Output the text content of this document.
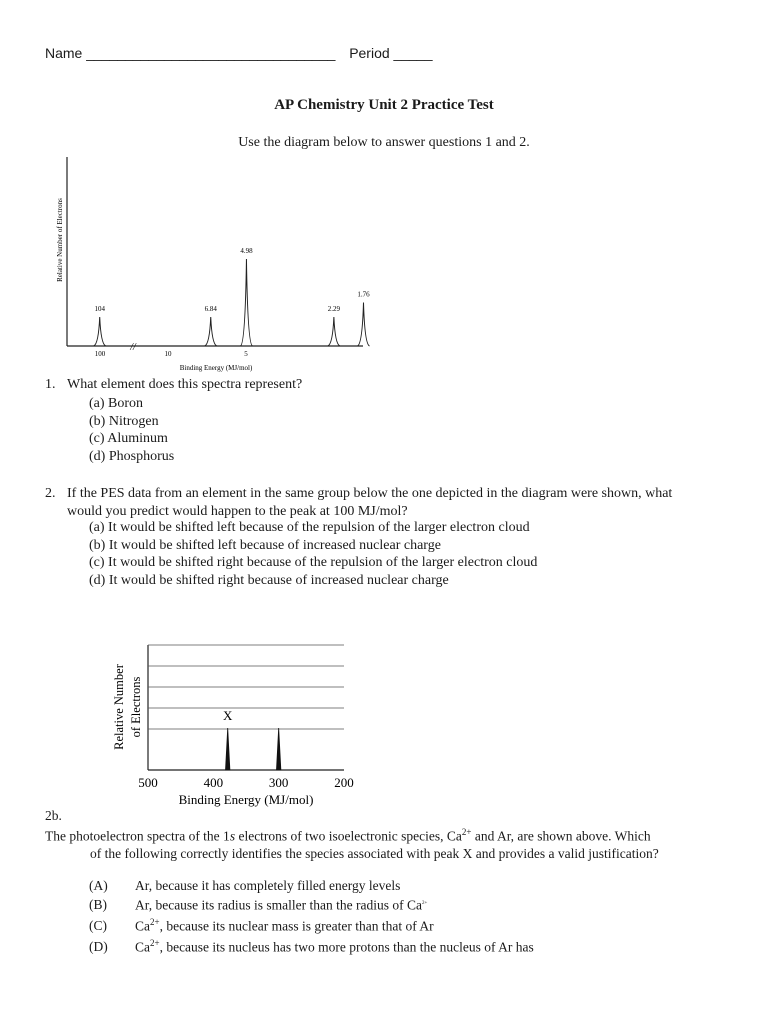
Name ________________________________ Period _____
AP Chemistry Unit 2 Practice Test
Use the diagram below to answer questions 1 and 2.
Relative Number of Electrons
Binding Energy (MJ/mol)
//
100	10	5
104	6.84
4.98
2.29
1.76
1. What element does this spectra represent?
(a) Boron
(b) Nitrogen
(c) Aluminum
(d) Phosphorus
2. If the PES data from an element in the same group below the one depicted in the diagram were shown, what
would you predict would happen to the peak at 100 MJ/mol?
(a) It would be shifted left because of the repulsion of the larger electron cloud
(b) It would be shifted left because of increased nuclear charge
(c) It would be shifted right because of the repulsion of the larger electron cloud
(d) It would be shifted right because of increased nuclear charge
Relative Number of Electrons
Binding Energy (MJ/mol)
500	400	300	200
X
2b.
The photoelectron spectra of the 1s electrons of two isoelectronic species, $Ca^{2+}$ and Ar, are shown above. Which
of the following correctly identifies the species associated with peak X and provides a valid justification?
(A) Ar, because it has completely filled energy levels
(B) Ar, because its radius is smaller than the radius of $Ca^{2+}$
(C) $Ca^{2+}$, because its nuclear mass is greater than that of Ar
(D) $Ca^{2+}$, because its nucleus has two more protons than the nucleus of Ar has
